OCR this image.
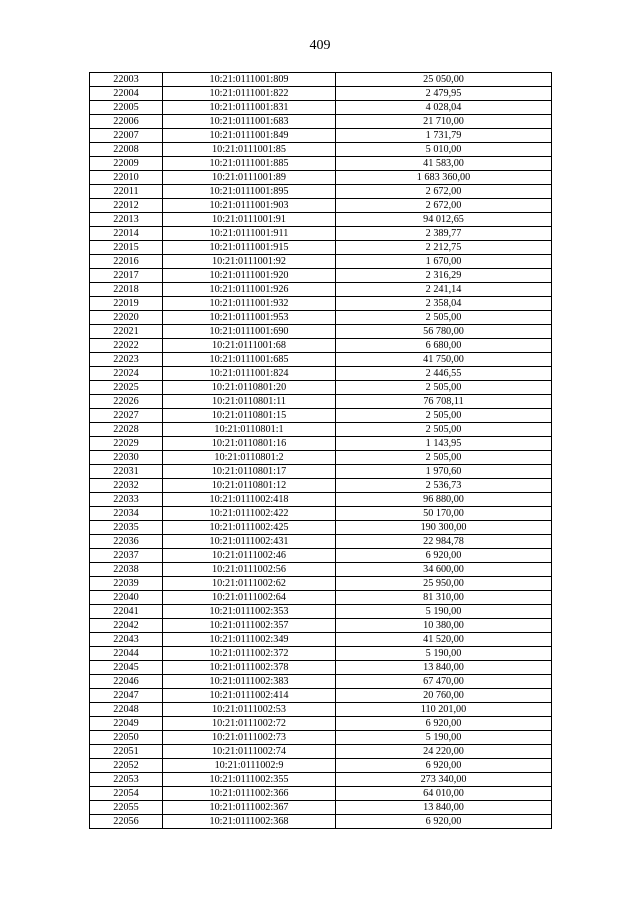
409
22003	10:21:0111001:809	25 050,00
22004	10:21:0111001:822	2 479,95
22005	10:21:0111001:831	4 028,04
22006	10:21:0111001:683	21 710,00
22007	10:21:0111001:849	1 731,79
22008	10:21:0111001:85	5 010,00
22009	10:21:0111001:885	41 583,00
22010	10:21:0111001:89	1 683 360,00
22011	10:21:0111001:895	2 672,00
22012	10:21:0111001:903	2 672,00
22013	10:21:0111001:91	94 012,65
22014	10:21:0111001:911	2 389,77
22015	10:21:0111001:915	2 212,75
22016	10:21:0111001:92	1 670,00
22017	10:21:0111001:920	2 316,29
22018	10:21:0111001:926	2 241,14
22019	10:21:0111001:932	2 358,04
22020	10:21:0111001:953	2 505,00
22021	10:21:0111001:690	56 780,00
22022	10:21:0111001:68	6 680,00
22023	10:21:0111001:685	41 750,00
22024	10:21:0111001:824	2 446,55
22025	10:21:0110801:20	2 505,00
22026	10:21:0110801:11	76 708,11
22027	10:21:0110801:15	2 505,00
22028	10:21:0110801:1	2 505,00
22029	10:21:0110801:16	1 143,95
22030	10:21:0110801:2	2 505,00
22031	10:21:0110801:17	1 970,60
22032	10:21:0110801:12	2 536,73
22033	10:21:0111002:418	96 880,00
22034	10:21:0111002:422	50 170,00
22035	10:21:0111002:425	190 300,00
22036	10:21:0111002:431	22 984,78
22037	10:21:0111002:46	6 920,00
22038	10:21:0111002:56	34 600,00
22039	10:21:0111002:62	25 950,00
22040	10:21:0111002:64	81 310,00
22041	10:21:0111002:353	5 190,00
22042	10:21:0111002:357	10 380,00
22043	10:21:0111002:349	41 520,00
22044	10:21:0111002:372	5 190,00
22045	10:21:0111002:378	13 840,00
22046	10:21:0111002:383	67 470,00
22047	10:21:0111002:414	20 760,00
22048	10:21:0111002:53	110 201,00
22049	10:21:0111002:72	6 920,00
22050	10:21:0111002:73	5 190,00
22051	10:21:0111002:74	24 220,00
22052	10:21:0111002:9	6 920,00
22053	10:21:0111002:355	273 340,00
22054	10:21:0111002:366	64 010,00
22055	10:21:0111002:367	13 840,00
22056	10:21:0111002:368	6 920,00
